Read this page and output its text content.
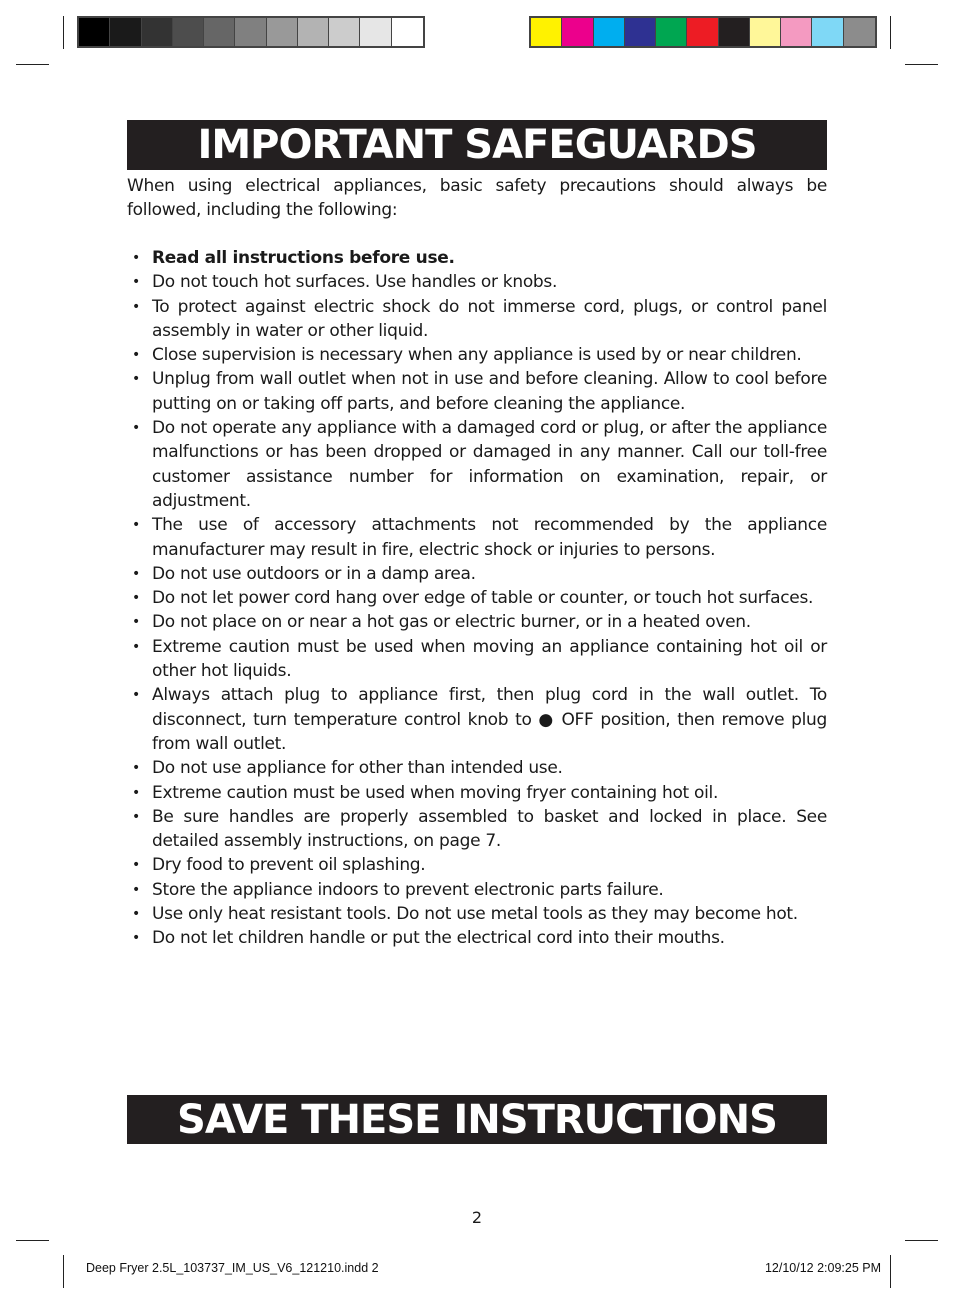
IMPORTANT SAFEGUARDS
When using electrical appliances, basic safety precautions should always be followed, including the following:
• Read all instructions before use.
• Do not touch hot surfaces. Use handles or knobs.
• To protect against electric shock do not immerse cord, plugs, or control panel assembly in water or other liquid.
• Close supervision is necessary when any appliance is used by or near children.
• Unplug from wall outlet when not in use and before cleaning. Allow to cool before putting on or taking off parts, and before cleaning the appliance.
• Do not operate any appliance with a damaged cord or plug, or after the appliance malfunctions or has been dropped or damaged in any manner. Call our toll-free customer assistance number for information on examination, repair, or adjustment.
• The use of accessory attachments not recommended by the appliance manufacturer may result in fire, electric shock or injuries to persons.
• Do not use outdoors or in a damp area.
• Do not let power cord hang over edge of table or counter, or touch hot surfaces.
• Do not place on or near a hot gas or electric burner, or in a heated oven.
• Extreme caution must be used when moving an appliance containing hot oil or other hot liquids.
• Always attach plug to appliance first, then plug cord in the wall outlet. To disconnect, turn temperature control knob to ● OFF position, then remove plug from wall outlet.
• Do not use appliance for other than intended use.
• Extreme caution must be used when moving fryer containing hot oil.
• Be sure handles are properly assembled to basket and locked in place. See detailed assembly instructions, on page 7.
• Dry food to prevent oil splashing.
• Store the appliance indoors to prevent electronic parts failure.
• Use only heat resistant tools. Do not use metal tools as they may become hot.
• Do not let children handle or put the electrical cord into their mouths.
SAVE THESE INSTRUCTIONS
2
Deep Fryer 2.5L_103737_IM_US_V6_121210.indd 2	12/10/12 2:09:25 PM
